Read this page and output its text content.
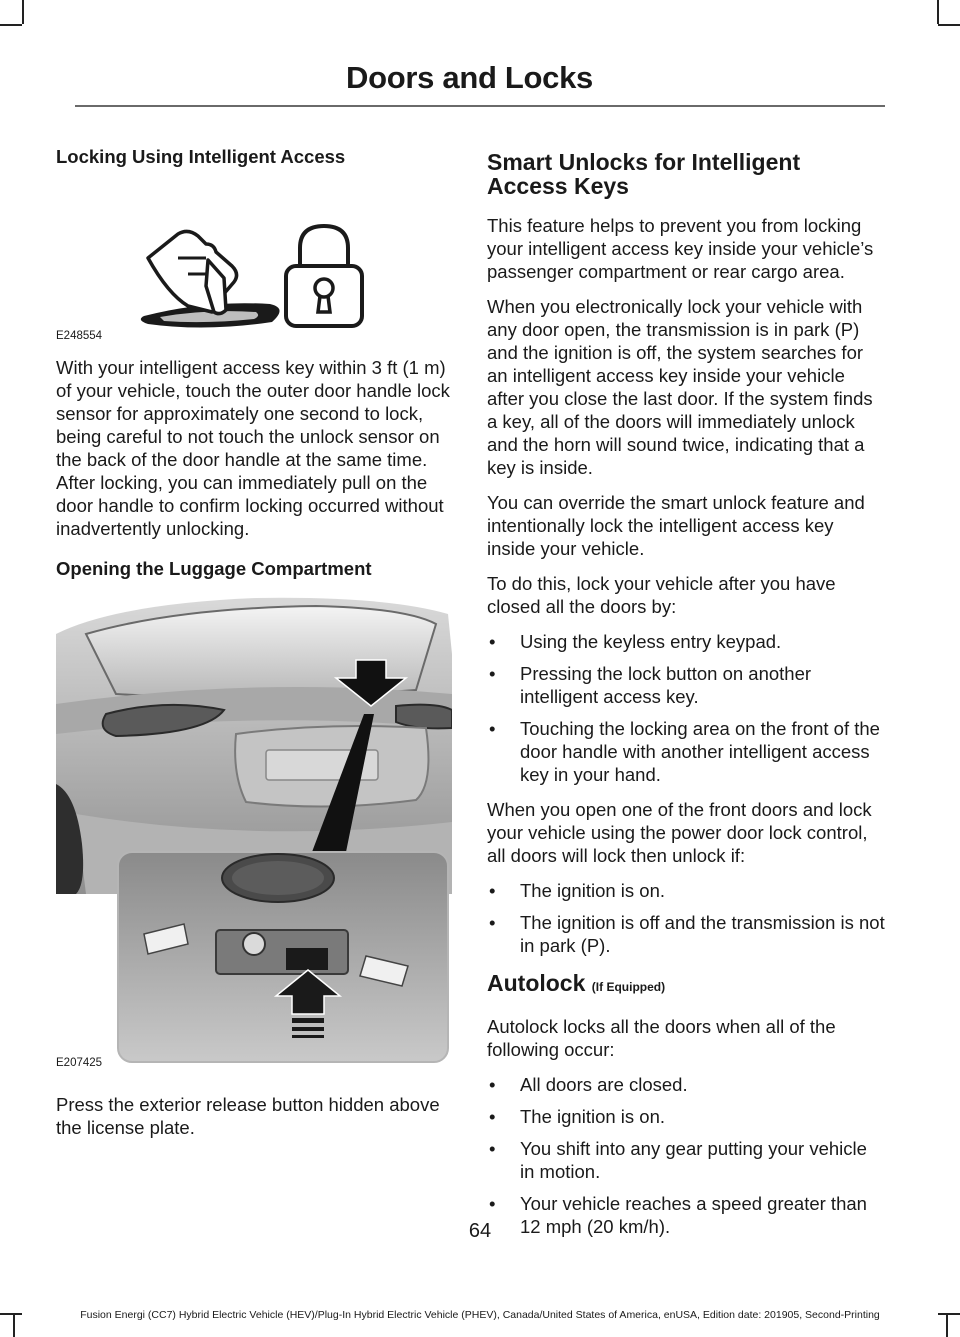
Doors and Locks
Locking Using Intelligent Access
E248554

With your intelligent access key within 3 ft (1 m) of your vehicle, touch the outer door handle lock sensor for approximately one second to lock, being careful to not touch the unlock sensor on the back of the door handle at the same time. After locking, you can immediately pull on the door handle to confirm locking occurred without inadvertently unlocking.

Opening the Luggage Compartment
E207425

Press the exterior release button hidden above the license plate.

Smart Unlocks for Intelligent Access Keys

This feature helps to prevent you from locking your intelligent access key inside your vehicle’s passenger compartment or rear cargo area.

When you electronically lock your vehicle with any door open, the transmission is in park (P) and the ignition is off, the system searches for an intelligent access key inside your vehicle after you close the last door. If the system finds a key, all of the doors will immediately unlock and the horn will sound twice, indicating that a key is inside.

You can override the smart unlock feature and intentionally lock the intelligent access key inside your vehicle.

To do this, lock your vehicle after you have closed all the doors by:

• Using the keyless entry keypad.
• Pressing the lock button on another intelligent access key.
• Touching the locking area on the front of the door handle with another intelligent access key in your hand.

When you open one of the front doors and lock your vehicle using the power door lock control, all doors will lock then unlock if:

• The ignition is on.
• The ignition is off and the transmission is not in park (P).
Autolock (If Equipped)

Autolock locks all the doors when all of the following occur:

• All doors are closed.
• The ignition is on.
• You shift into any gear putting your vehicle in motion.
• Your vehicle reaches a speed greater than 12 mph (20 km/h).

64

Fusion Energi (CC7) Hybrid Electric Vehicle (HEV)/Plug-In Hybrid Electric Vehicle (PHEV), Canada/United States of America, enUSA, Edition date: 201905, Second-Printing
